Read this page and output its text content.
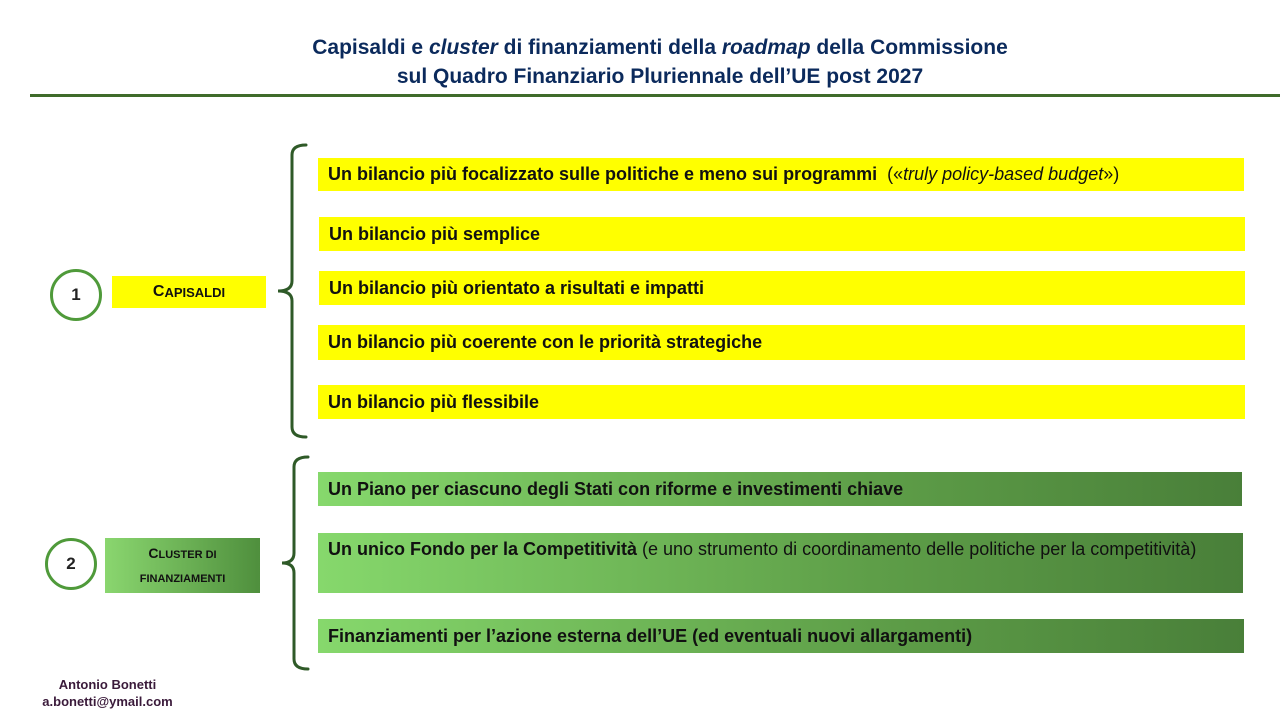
Capisaldi e cluster di finanziamenti della roadmap della Commissione
sul Quadro Finanziario Pluriennale dell’UE post 2027
1	C APISALDI
Un bilancio più focalizzato sulle politiche e meno sui programmi (« truly policy-based budget »)
Un bilancio più semplice
Un bilancio più orientato a risultati e impatti
Un bilancio più coerente con le priorità strategiche
Un bilancio più flessibile
2
CLUSTER DI
FINANZIAMENTI
Un Piano per ciascuno degli Stati con riforme e investimenti chiave
Un unico Fondo per la Competitività (e uno strumento di coordinamento delle politiche per la competitività)
Finanziamenti per l’azione esterna dell’UE (ed eventuali nuovi allargamenti)
Antonio Bonetti
a.bonetti@ymail.com
